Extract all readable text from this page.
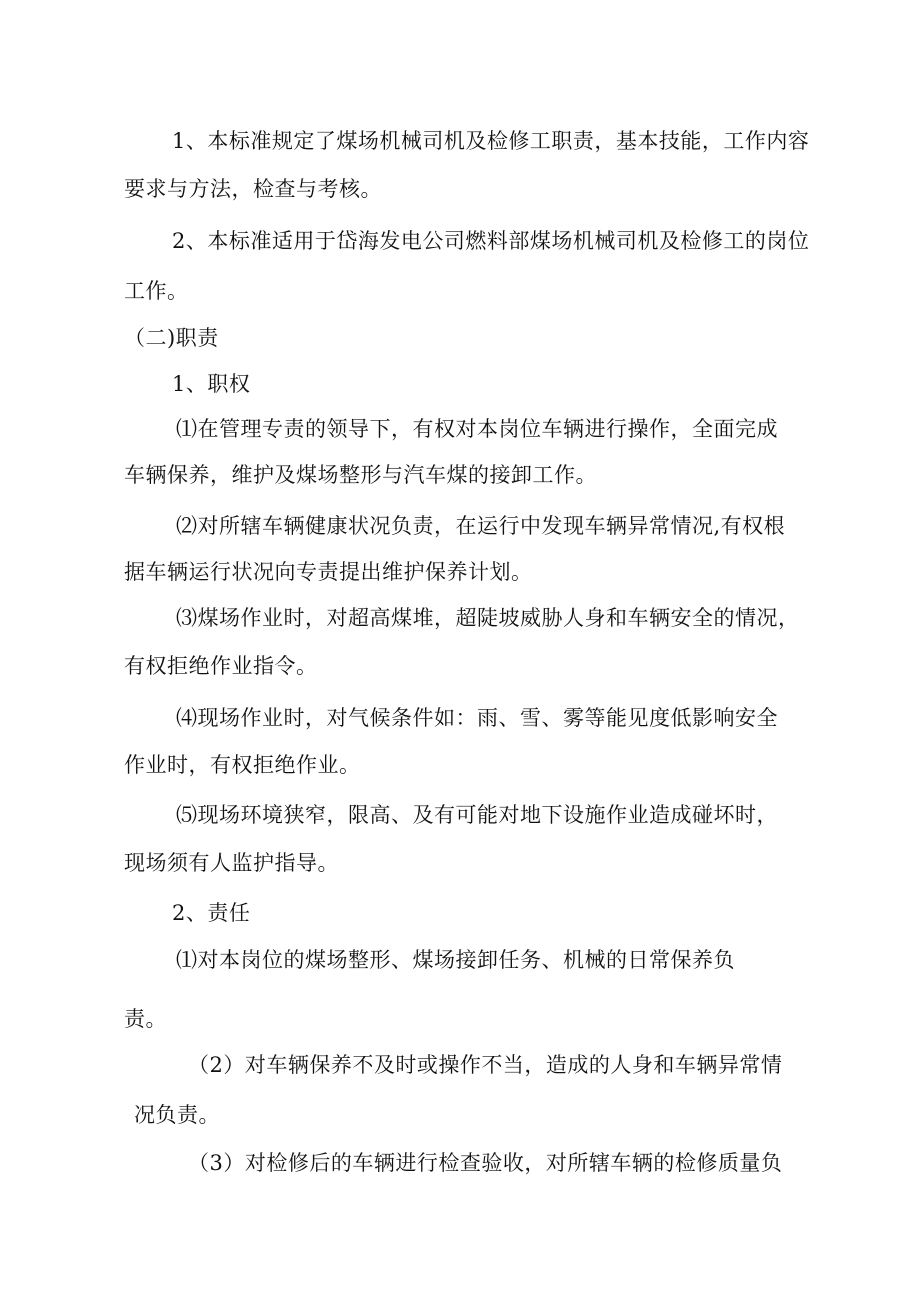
1、本标准规定了煤场机械司机及检修工职责，基本技能，工作内容
要求与方法，检查与考核。
2、本标准适用于岱海发电公司燃料部煤场机械司机及检修工的岗位
工作。
（二)职责
1、职权
⑴在管理专责的领导下，有权对本岗位车辆进行操作，全面完成
车辆保养，维护及煤场整形与汽车煤的接卸工作。
⑵对所辖车辆健康状况负责，在运行中发现车辆异常情况,有权根
据车辆运行状况向专责提出维护保养计划。
⑶煤场作业时，对超高煤堆，超陡坡威胁人身和车辆安全的情况，
有权拒绝作业指令。
⑷现场作业时，对气候条件如：雨、雪、雾等能见度低影响安全
作业时，有权拒绝作业。
⑸现场环境狭窄，限高、及有可能对地下设施作业造成碰坏时，
现场须有人监护指导。
2、责任
⑴对本岗位的煤场整形、煤场接卸任务、机械的日常保养负
责。
（2）对车辆保养不及时或操作不当，造成的人身和车辆异常情
况负责。
（3）对检修后的车辆进行检查验收，对所辖车辆的检修质量负
